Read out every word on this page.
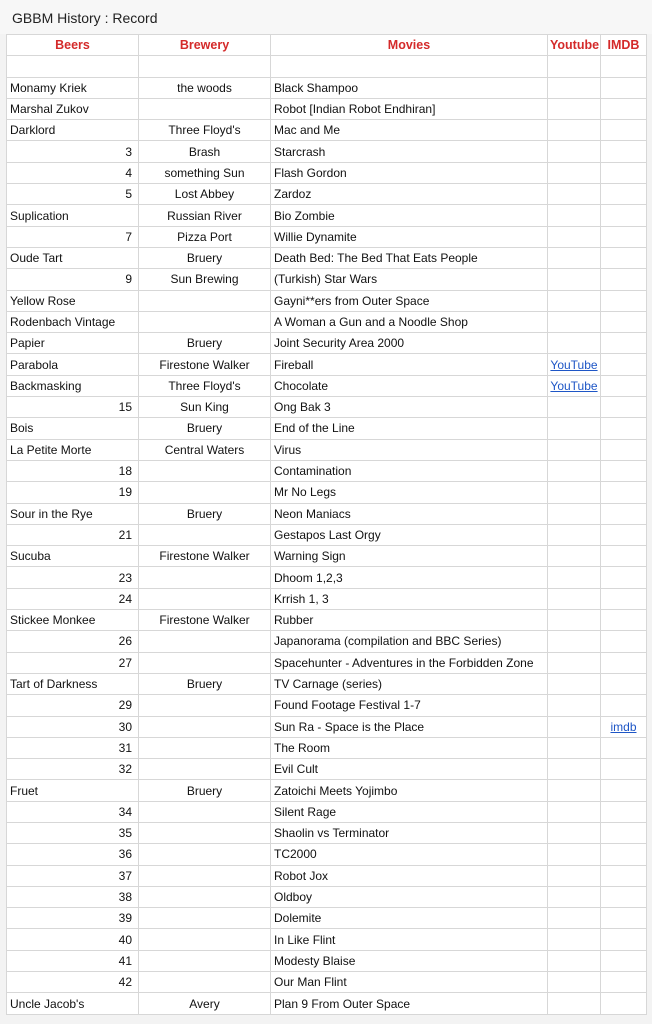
GBBM History : Record
Beers	Brewery	Movies	Youtube	IMDB

Monamy Kriek	the woods	Black Shampoo		
Marshal Zukov		Robot [Indian Robot Endhiran]		
Darklord	Three Floyd's	Mac and Me		
3	Brash	Starcrash		
4	something Sun	Flash Gordon		
5	Lost Abbey	Zardoz		
Suplication	Russian River	Bio Zombie		
7	Pizza Port	Willie Dynamite		
Oude Tart	Bruery	Death Bed: The Bed That Eats People		
9	Sun Brewing	(Turkish) Star Wars		
Yellow Rose		Gayni**ers from Outer Space		
Rodenbach Vintage		A Woman a Gun and a Noodle Shop		
Papier	Bruery	Joint Security Area 2000		
Parabola	Firestone Walker	Fireball	YouTube	
Backmasking	Three Floyd's	Chocolate	YouTube	
15	Sun King	Ong Bak 3		
Bois	Bruery	End of the Line		
La Petite Morte	Central Waters	Virus		
18		Contamination		
19		Mr No Legs		
Sour in the Rye	Bruery	Neon Maniacs		
21		Gestapos Last Orgy		
Sucuba	Firestone Walker	Warning Sign		
23		Dhoom 1,2,3		
24		Krrish 1, 3		
Stickee Monkee	Firestone Walker	Rubber		
26		Japanorama (compilation and BBC Series)		
27		Spacehunter - Adventures in the Forbidden Zone		
Tart of Darkness	Bruery	TV Carnage (series)		
29		Found Footage Festival 1-7		
30		Sun Ra - Space is the Place		imdb
31		The Room		
32		Evil Cult		
Fruet	Bruery	Zatoichi Meets Yojimbo		
34		Silent Rage		
35		Shaolin vs Terminator		
36		TC2000		
37		Robot Jox		
38		Oldboy		
39		Dolemite		
40		In Like Flint		
41		Modesty Blaise		
42		Our Man Flint		
Uncle Jacob's	Avery	Plan 9 From Outer Space		
